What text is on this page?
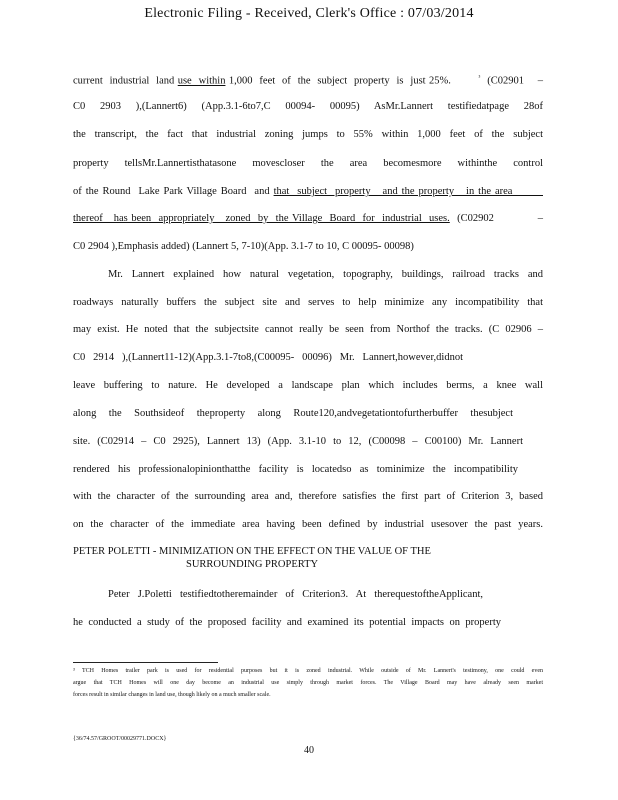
Electronic Filing - Received, Clerk's Office : 07/03/2014
current  industrial  land use  within 1,000  feet  of  the  subject  property  is  just 25%.        $^{^3}$  (C02901    –
C0 2903 ),(Lannert6) (App.3.1-6to7,C 00094- 00095) AsMr.Lannert testifiedatpage 28of
the transcript, the fact that industrial zoning jumps to 55% within 1,000 feet of the subject
property tellsMr.Lannertisthatasone movescloser the area becomesmore withinthe control
of the Round  Lake Park Village Board  and that  subject  property   and the property   in the area
thereof   has been  appropriately   zoned  by  the Village  Board  for  industrial  uses.  (C02902            –
C0 2904 ),Emphasis added) (Lannert 5, 7-10)(App. 3.1-7 to 10, C 00095- 00098)
Mr. Lannert explained how natural vegetation, topography, buildings, railroad tracks and
roadways naturally buffers the subject site and serves to help minimize any incompatibility that
may exist. He noted that the subjectsite cannot really be seen from Northof the tracks. (C 02906 –
C0 2914 ),(Lannert11-12)(App.3.1-7to8,(C00095- 00096) Mr. Lannert,however,didnot
leave buffering to nature. He developed a landscape plan which includes berms, a knee wall
along the Southsideof theproperty along Route120,andvegetationtofurtherbuffer thesubject
site. (C02914 – C0 2925), Lannert 13) (App. 3.1-10 to 12, (C00098 – C00100) Mr. Lannert
rendered his professionalopinionthatthe facility is locatedso as tominimize the incompatibility
with the character of the surrounding area and, therefore satisfies the first part of Criterion 3, based
on the character of the immediate area having been defined by industrial usesover the past years.
PETER POLETTI - MINIMIZATION ON THE EFFECT ON THE VALUE OF THE
SURROUNDING PROPERTY
Peter J.Poletti testifiedtotheremainder of Criterion3. At therequestoftheApplicant,
he conducted a study of the proposed facility and examined its potential impacts on property
³ TCH Homes trailer park is used for residential purposes but it is zoned industrial. While outside of Mr. Lannert's testimony, one could even
argue that TCH Homes will one day become an industrial use simply through market forces. The Village Board may have already seen market
forces result in similar changes in land use, though likely on a much smaller scale.
{36/74.57/GROOT/00029771.DOCX}
40
